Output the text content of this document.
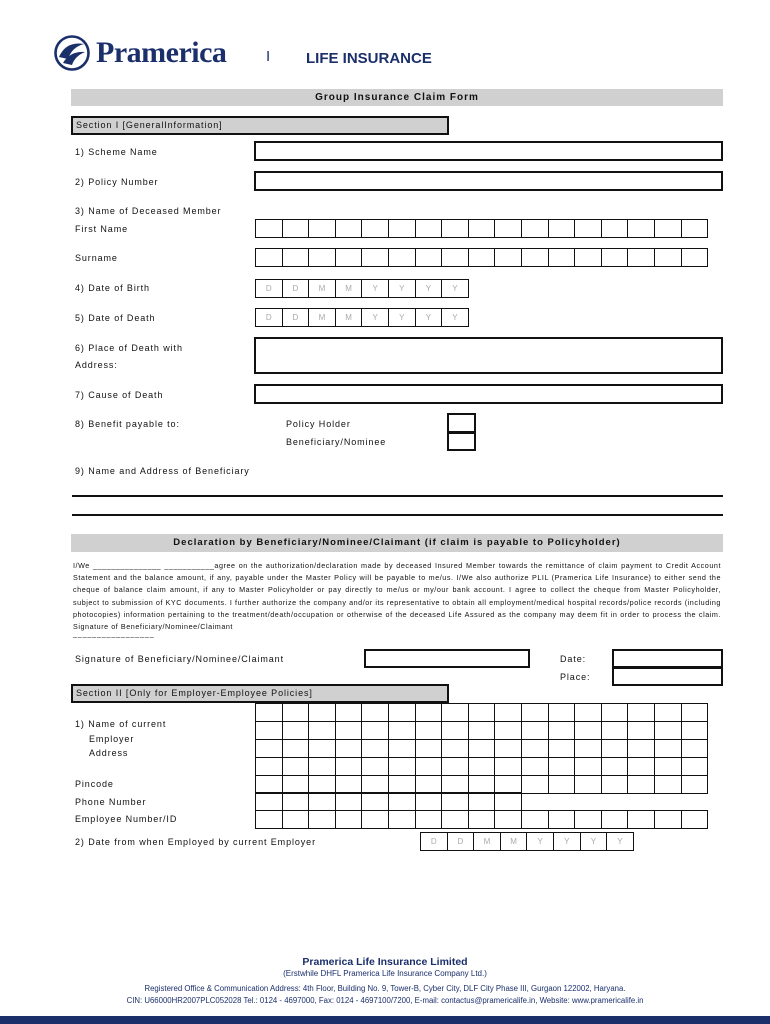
Pramerica	I LIFE INSURANCE
Group Insurance Claim Form
Section I [GeneralInformation]
1) Scheme Name
2) Policy Number
3) Name of Deceased Member
First Name
Surname
4) Date of Birth	D	D	M	M	Y	Y	Y	Y
5) Date of Death	D	D	M	M	Y	Y	Y	Y
6) Place of Death with
Address:
7) Cause of Death
8) Benefit payable to:	Policy Holder
Beneficiary/Nominee
9) Name and Address of Beneficiary
Declaration by Beneficiary/Nominee/Claimant (if claim is payable to Policyholder)
I/We _______________ ___________agree on the authorization/declaration made by deceased Insured Member towards the remittance of claim payment to Credit Account Statement and the balance amount, if any, payable under the Master Policy will be payable to me/us. I/We also authorize PLIL (Pramerica Life Insurance) to either send the cheque of balance claim amount, if any to Master Policyholder or pay directly to me/us or my/our bank account. I agree to collect the cheque from Master Policyholder, subject to submission of KYC documents. I further authorize the company and/or its representative to obtain all employment/medical hospital records/police records (including photocopies) information pertaining to the treatment/death/occupation or otherwise of the deceased Life Assured as the company may deem fit in order to process the claim. Signature of Beneficiary/Nominee/Claimant
_________________
Signature of Beneficiary/Nominee/Claimant	Date:
Place:
Section II [Only for Employer-Employee Policies]
1) Name of current
Employer
Address
Pincode
Phone Number
Employee Number/ID
2) Date from when Employed by current Employer	D	D	M	M	Y	Y	Y	Y
Pramerica Life Insurance Limited
(Erstwhile DHFL Pramerica Life Insurance Company Ltd.)
Registered Office & Communication Address: 4th Floor, Building No. 9, Tower-B, Cyber City, DLF City Phase III, Gurgaon 122002, Haryana.
CIN: U66000HR2007PLC052028 Tel.: 0124 - 4697000, Fax: 0124 - 4697100/7200, E-mail: contactus@pramericalife.in, Website: www.pramericalife.in
